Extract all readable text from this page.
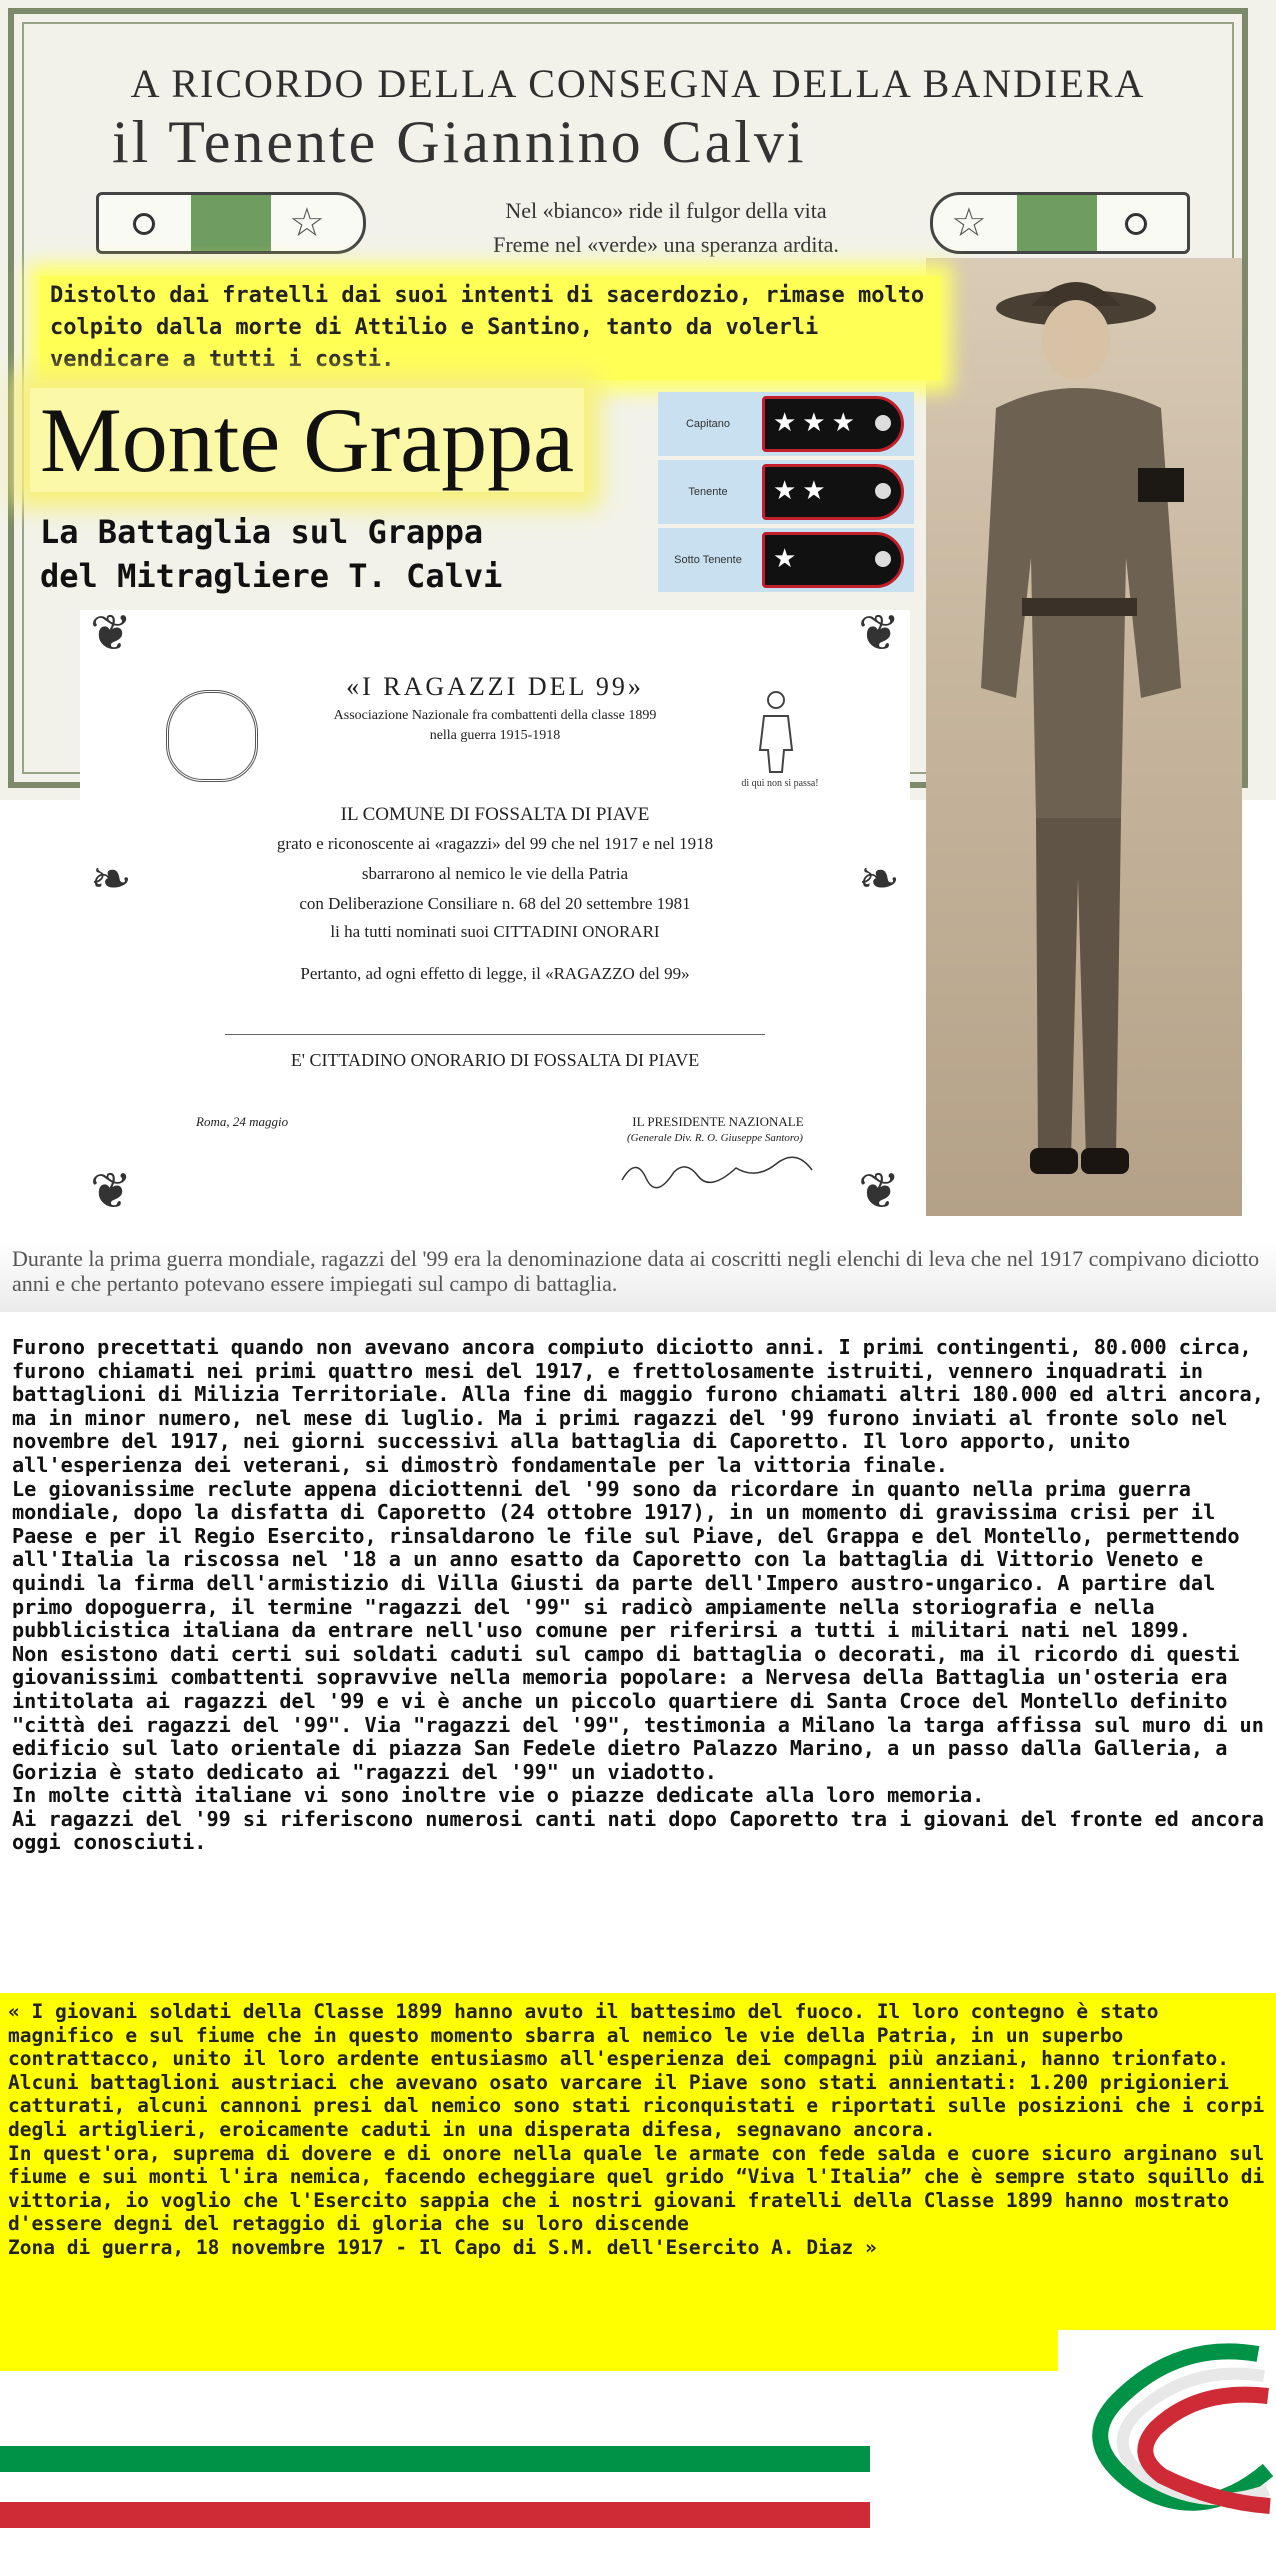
A RICORDO DELLA CONSEGNA DELLA BANDIERA
il Tenente Giannino Calvi
☆	☆
Nel «bianco» ride il fulgor della vita
Freme nel «verde» una speranza ardita.
Distolto dai fratelli dai suoi intenti di sacerdozio, rimase molto colpito dalla morte di Attilio e Santino, tanto da volerli vendicare a tutti i costi.
Monte Grappa
La Battaglia sul Grappa
del Mitragliere T. Calvi
Capitano	★★★
Tenente	★★
Sotto Tenente	★
❦	❦
❧	❧
❦	❦
«I RAGAZZI DEL 99»
Associazione Nazionale fra combattenti della classe 1899
nella guerra 1915-1918
di qui non si passa!
IL COMUNE DI FOSSALTA DI PIAVE
grato e riconoscente ai «ragazzi» del 99 che nel 1917 e nel 1918
sbarrarono al nemico le vie della Patria
con Deliberazione Consiliare n. 68 del 20 settembre 1981
li ha tutti nominati suoi CITTADINI ONORARI
Pertanto, ad ogni effetto di legge, il «RAGAZZO del 99»
E' CITTADINO ONORARIO DI FOSSALTA DI PIAVE
Roma, 24 maggio	IL PRESIDENTE NAZIONALE
(Generale Div. R. O. Giuseppe Santoro)
Durante la prima guerra mondiale, ragazzi del '99 era la denominazione data ai coscritti negli elenchi di leva che nel 1917 compivano diciotto anni e che pertanto potevano essere impiegati sul campo di battaglia.

Furono precettati quando non avevano ancora compiuto diciotto anni. I primi contingenti, 80.000 circa, furono chiamati nei primi quattro mesi del 1917, e frettolosamente istruiti, vennero inquadrati in battaglioni di Milizia Territoriale. Alla fine di maggio furono chiamati altri 180.000 ed altri ancora, ma in minor numero, nel mese di luglio. Ma i primi ragazzi del '99 furono inviati al fronte solo nel novembre del 1917, nei giorni successivi alla battaglia di Caporetto. Il loro apporto, unito all'esperienza dei veterani, si dimostrò fondamentale per la vittoria finale.

Le giovanissime reclute appena diciottenni del '99 sono da ricordare in quanto nella prima guerra mondiale, dopo la disfatta di Caporetto (24 ottobre 1917), in un momento di gravissima crisi per il Paese e per il Regio Esercito, rinsaldarono le file sul Piave, del Grappa e del Montello, permettendo all'Italia la riscossa nel '18 a un anno esatto da Caporetto con la battaglia di Vittorio Veneto e quindi la firma dell'armistizio di Villa Giusti da parte dell'Impero austro-ungarico. A partire dal primo dopoguerra, il termine "ragazzi del '99" si radicò ampiamente nella storiografia e nella pubblicistica italiana da entrare nell'uso comune per riferirsi a tutti i militari nati nel 1899.

Non esistono dati certi sui soldati caduti sul campo di battaglia o decorati, ma il ricordo di questi giovanissimi combattenti sopravvive nella memoria popolare: a Nervesa della Battaglia un'osteria era intitolata ai ragazzi del '99 e vi è anche un piccolo quartiere di Santa Croce del Montello definito "città dei ragazzi del '99". Via "ragazzi del '99", testimonia a Milano la targa affissa sul muro di un edificio sul lato orientale di piazza San Fedele dietro Palazzo Marino, a un passo dalla Galleria, a Gorizia è stato dedicato ai "ragazzi del '99" un viadotto.

In molte città italiane vi sono inoltre vie o piazze dedicate alla loro memoria.

Ai ragazzi del '99 si riferiscono numerosi canti nati dopo Caporetto tra i giovani del fronte ed ancora oggi conosciuti.

« I giovani soldati della Classe 1899 hanno avuto il battesimo del fuoco. Il loro contegno è stato magnifico e sul fiume che in questo momento sbarra al nemico le vie della Patria, in un superbo contrattacco, unito il loro ardente entusiasmo all'esperienza dei compagni più anziani, hanno trionfato. Alcuni battaglioni austriaci che avevano osato varcare il Piave sono stati annientati: 1.200 prigionieri catturati, alcuni cannoni presi dal nemico sono stati riconquistati e riportati sulle posizioni che i corpi degli artiglieri, eroicamente caduti in una disperata difesa, segnavano ancora.

In quest'ora, suprema di dovere e di onore nella quale le armate con fede salda e cuore sicuro arginano sul fiume e sui monti l'ira nemica, facendo echeggiare quel grido “Viva l'Italia” che è sempre stato squillo di vittoria, io voglio che l'Esercito sappia che i nostri giovani fratelli della Classe 1899 hanno mostrato d'essere degni del retaggio di gloria che su loro discende

Zona di guerra, 18 novembre 1917 - Il Capo di S.M. dell'Esercito A. Diaz »
